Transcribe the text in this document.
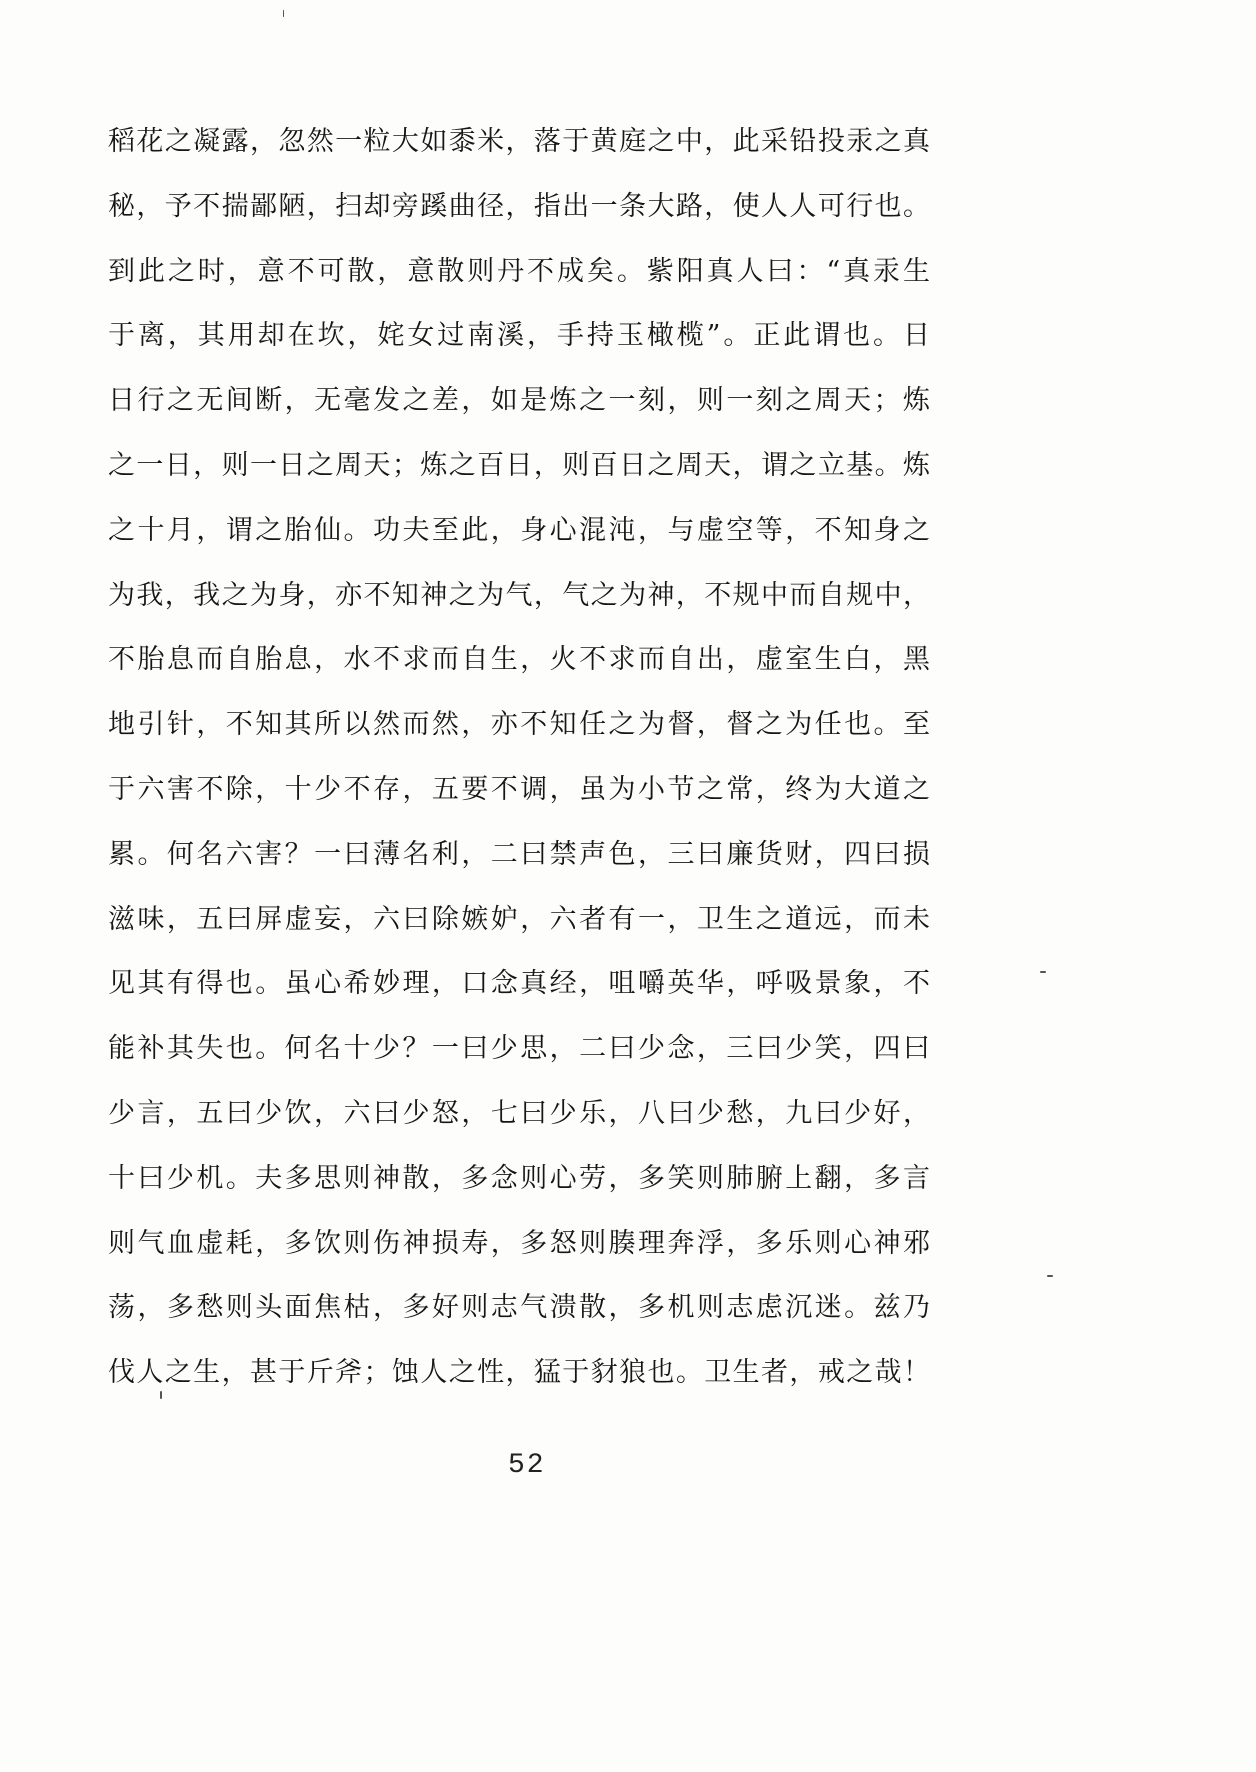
稻花之凝露，忽然一粒大如黍米，落于黄庭之中，此采铅投汞之真
秘，予不揣鄙陋，扫却旁蹊曲径，指出一条大路，使人人可行也。
到此之时，意不可散，意散则丹不成矣。紫阳真人曰：“真汞生
于离，其用却在坎，姹女过南溪，手持玉橄榄”。正此谓也。日
日行之无间断，无毫发之差，如是炼之一刻，则一刻之周天；炼
之一日，则一日之周天；炼之百日，则百日之周天，谓之立基。炼
之十月，谓之胎仙。功夫至此，身心混沌，与虚空等，不知身之
为我，我之为身，亦不知神之为气，气之为神，不规中而自规中，
不胎息而自胎息，水不求而自生，火不求而自出，虚室生白，黑
地引针，不知其所以然而然，亦不知任之为督，督之为任也。至
于六害不除，十少不存，五要不调，虽为小节之常，终为大道之
累。何名六害？一曰薄名利，二曰禁声色，三曰廉货财，四曰损
滋味，五曰屏虚妄，六曰除嫉妒，六者有一，卫生之道远，而未
见其有得也。虽心希妙理，口念真经，咀嚼英华，呼吸景象，不
能补其失也。何名十少？一曰少思，二曰少念，三曰少笑，四曰
少言，五曰少饮，六曰少怒，七曰少乐，八曰少愁，九曰少好，
十曰少机。夫多思则神散，多念则心劳，多笑则肺腑上翻，多言
则气血虚耗，多饮则伤神损寿，多怒则腠理奔浮，多乐则心神邪
荡，多愁则头面焦枯，多好则志气溃散，多机则志虑沉迷。兹乃
伐人之生，甚于斤斧；蚀人之性，猛于豺狼也。卫生者，戒之哉！
52
